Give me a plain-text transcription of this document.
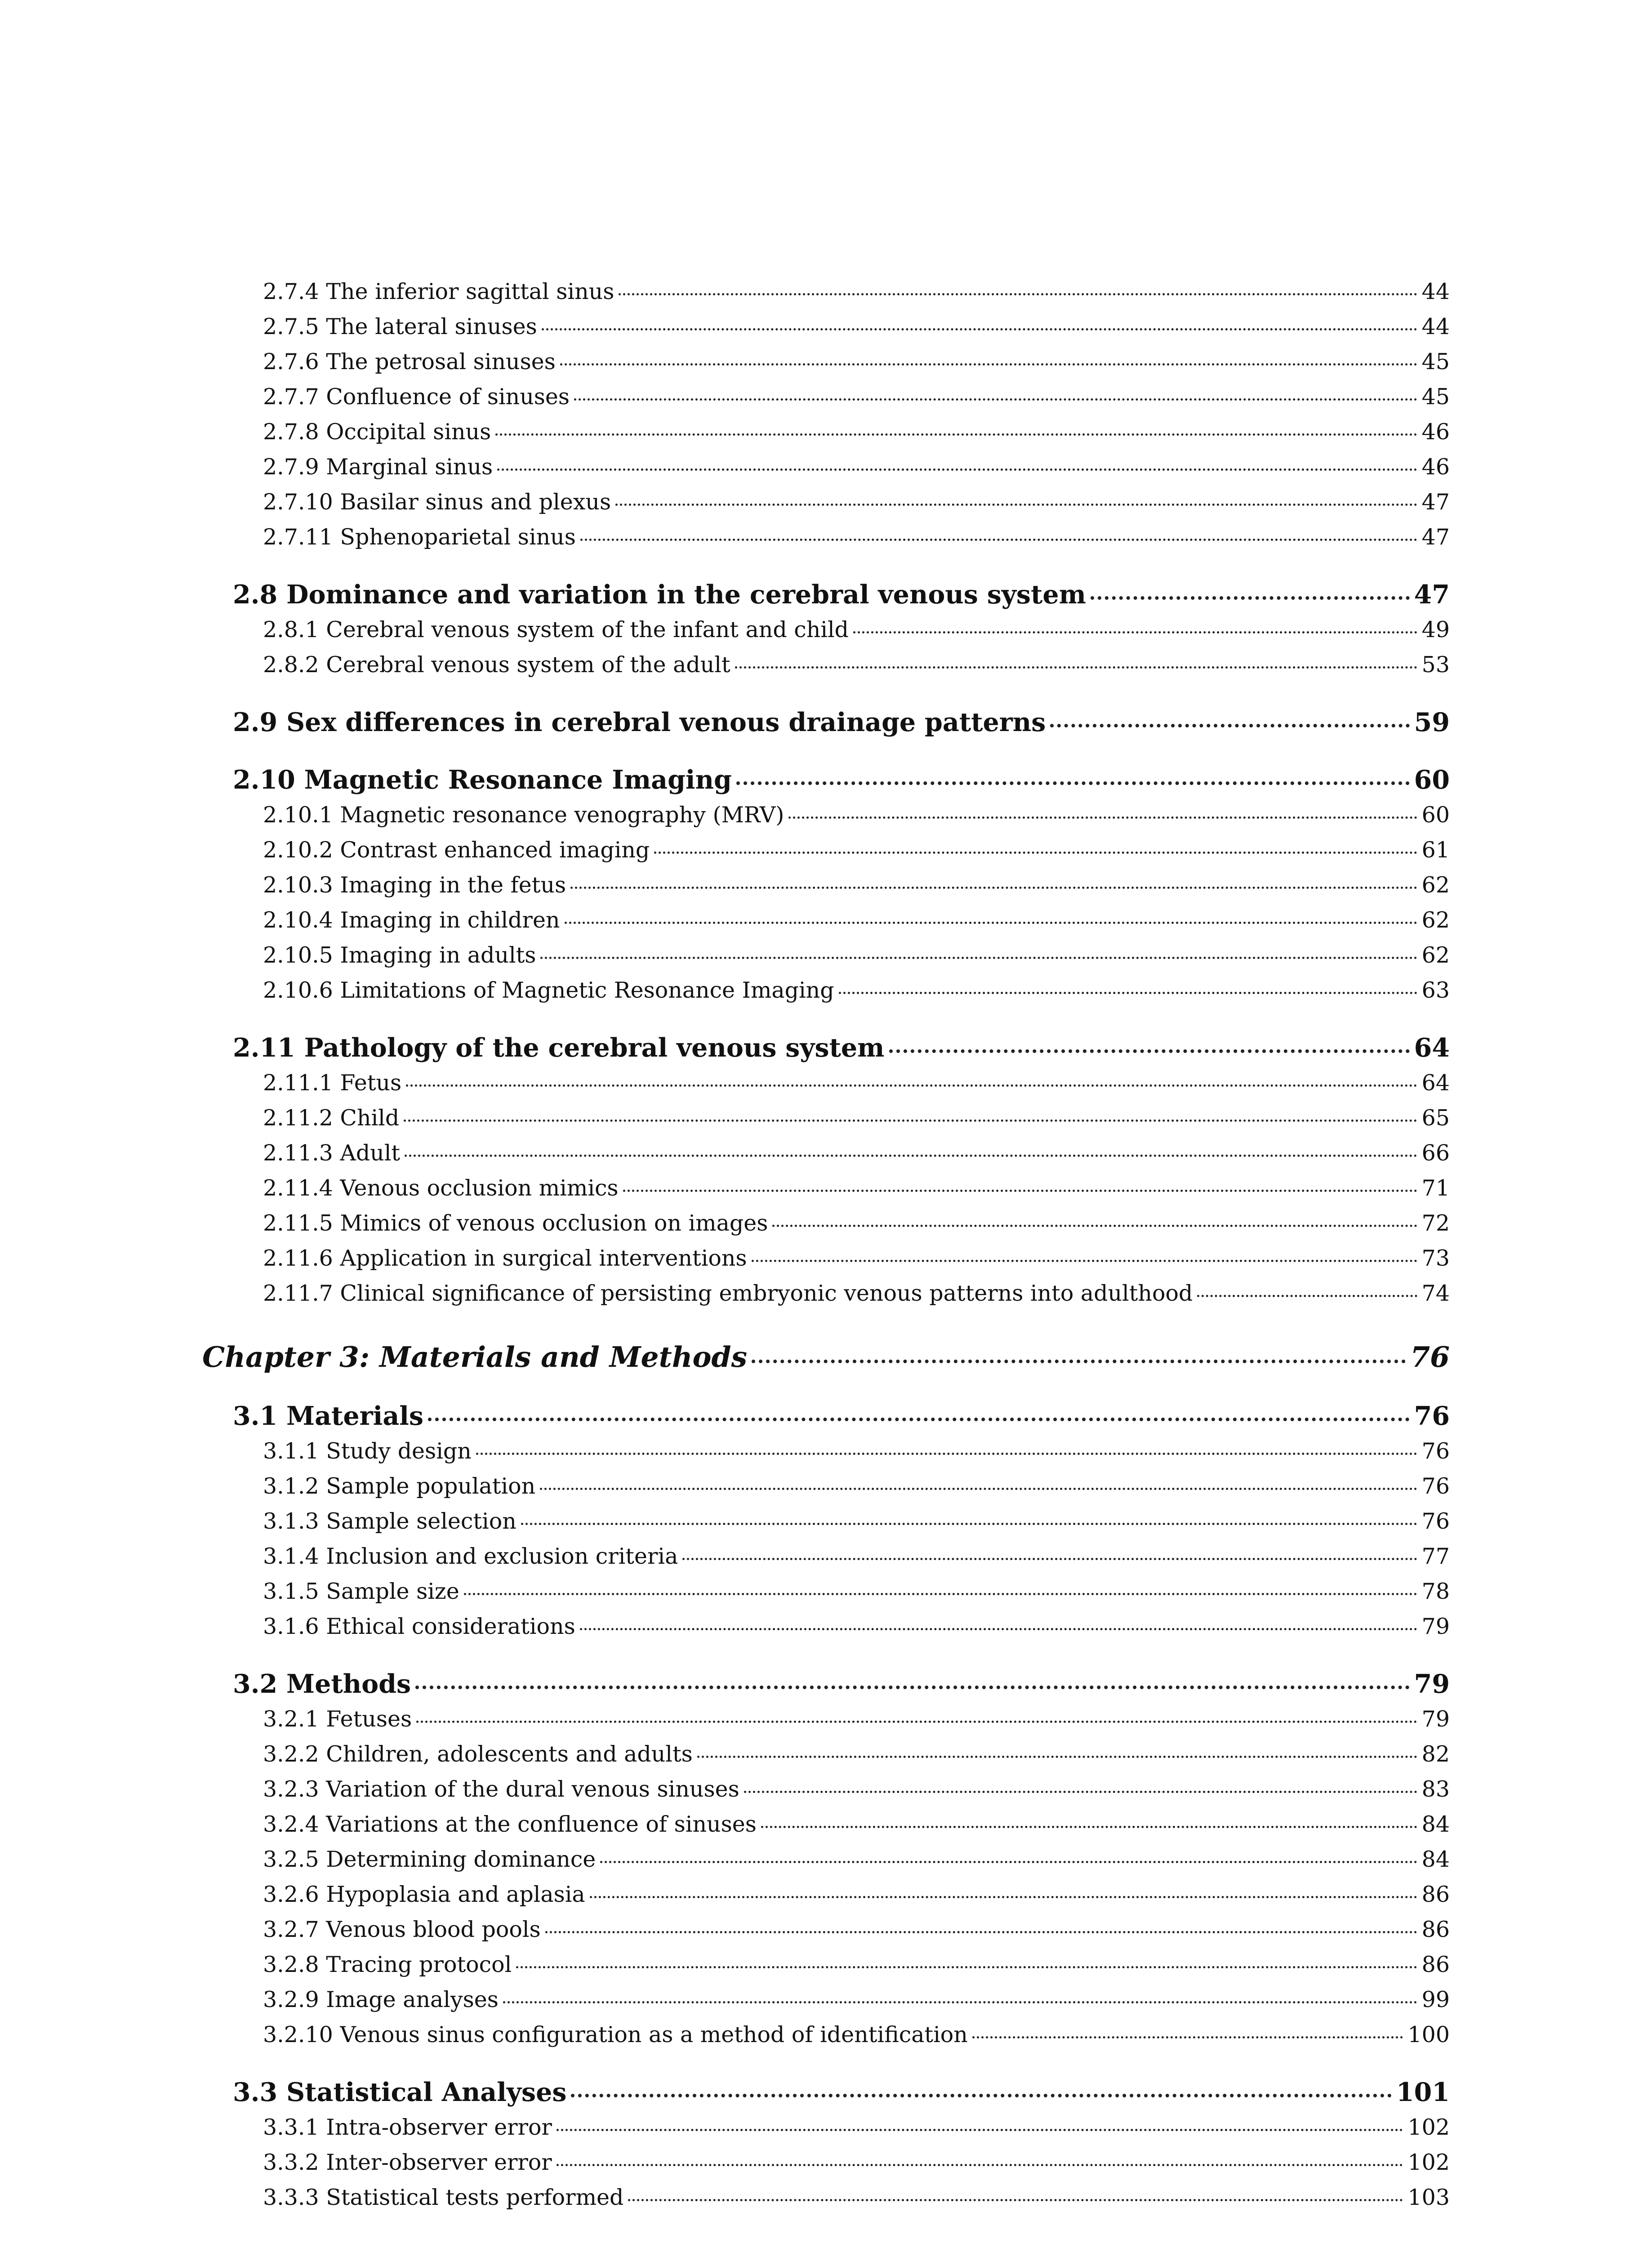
2.7.4 The inferior sagittal sinus	44
2.7.5 The lateral sinuses	44
2.7.6 The petrosal sinuses	45
2.7.7 Confluence of sinuses	45
2.7.8 Occipital sinus	46
2.7.9 Marginal sinus	46
2.7.10 Basilar sinus and plexus	47
2.7.11 Sphenoparietal sinus	47
2.8 Dominance and variation in the cerebral venous system	47
2.8.1 Cerebral venous system of the infant and child	49
2.8.2 Cerebral venous system of the adult	53
2.9 Sex differences in cerebral venous drainage patterns	59
2.10 Magnetic Resonance Imaging	60
2.10.1 Magnetic resonance venography (MRV)	60
2.10.2 Contrast enhanced imaging	61
2.10.3 Imaging in the fetus	62
2.10.4 Imaging in children	62
2.10.5 Imaging in adults	62
2.10.6 Limitations of Magnetic Resonance Imaging	63
2.11 Pathology of the cerebral venous system	64
2.11.1 Fetus	64
2.11.2 Child	65
2.11.3 Adult	66
2.11.4 Venous occlusion mimics	71
2.11.5 Mimics of venous occlusion on images	72
2.11.6 Application in surgical interventions	73
2.11.7 Clinical significance of persisting embryonic venous patterns into adulthood	74
Chapter 3: Materials and Methods	76
3.1 Materials	76
3.1.1 Study design	76
3.1.2 Sample population	76
3.1.3 Sample selection	76
3.1.4 Inclusion and exclusion criteria	77
3.1.5 Sample size	78
3.1.6 Ethical considerations	79
3.2 Methods	79
3.2.1 Fetuses	79
3.2.2 Children, adolescents and adults	82
3.2.3 Variation of the dural venous sinuses	83
3.2.4 Variations at the confluence of sinuses	84
3.2.5 Determining dominance	84
3.2.6 Hypoplasia and aplasia	86
3.2.7 Venous blood pools	86
3.2.8 Tracing protocol	86
3.2.9 Image analyses	99
3.2.10 Venous sinus configuration as a method of identification	100
3.3 Statistical Analyses	101
3.3.1 Intra-observer error	102
3.3.2 Inter-observer error	102
3.3.3 Statistical tests performed	103
